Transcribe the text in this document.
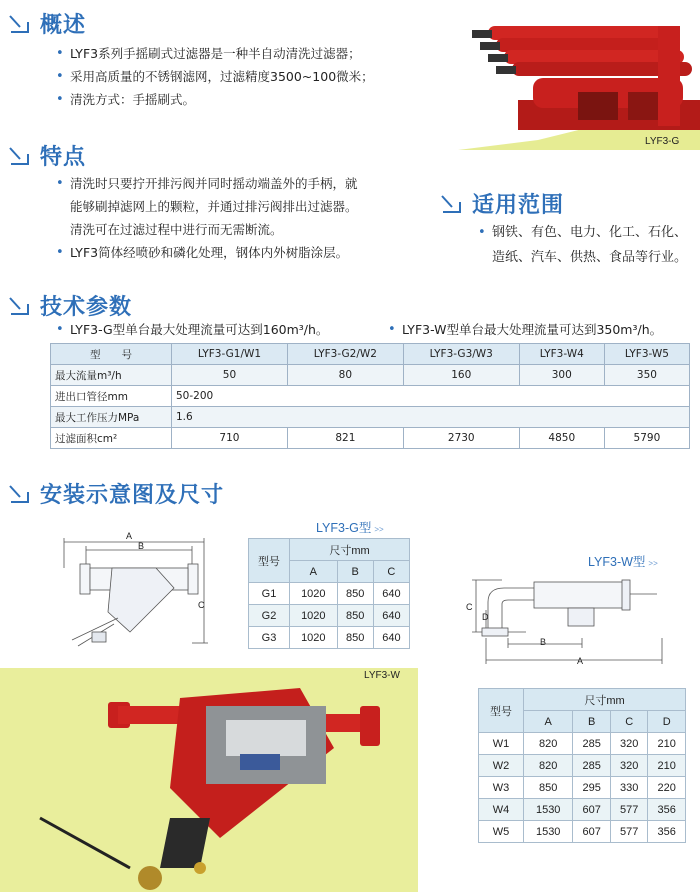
概述
• LYF3系列手摇刷式过滤器是一种半自动清洗过滤器；
• 采用高质量的不锈钢滤网，过滤精度3500~100微米；
• 清洗方式：手摇刷式。
LYF3-G
特点
• 清洗时只要拧开排污阀并同时摇动端盖外的手柄，就
能够刷掉滤网上的颗粒，并通过排污阀排出过滤器。
清洗可在过滤过程中进行而无需断流。
• LYF3简体经喷砂和磷化处理，钢体内外树脂涂层。
适用范围
• 钢铁、有色、电力、化工、石化、
造纸、汽车、供热、食品等行业。
技术参数
• LYF3-G型单台最大处理流量可达到160m³/h。	• LYF3-W型单台最大处理流量可达到350m³/h。
型　　号	LYF3-G1/W1	LYF3-G2/W2	LYF3-G3/W3	LYF3-W4	LYF3-W5
最大流量m³/h	50	80	160	300	350
进出口管径mm	50-200				
最大工作压力MPa	1.6				
过滤面积cm²	710	821	2730	4850	5790
安装示意图及尺寸
A
B
C
LYF3-G型 >>
型号	尺寸mm		
	A	B	C
G1	1020	850	640
G2	1020	850	640
G3	1020	850	640
LYF3-W型 >>
C
D
B
A
型号	尺寸mm			
	A	B	C	D
W1	820	285	320	210
W2	820	285	320	210
W3	850	295	330	220
W4	1530	607	577	356
W5	1530	607	577	356
LYF3-W
